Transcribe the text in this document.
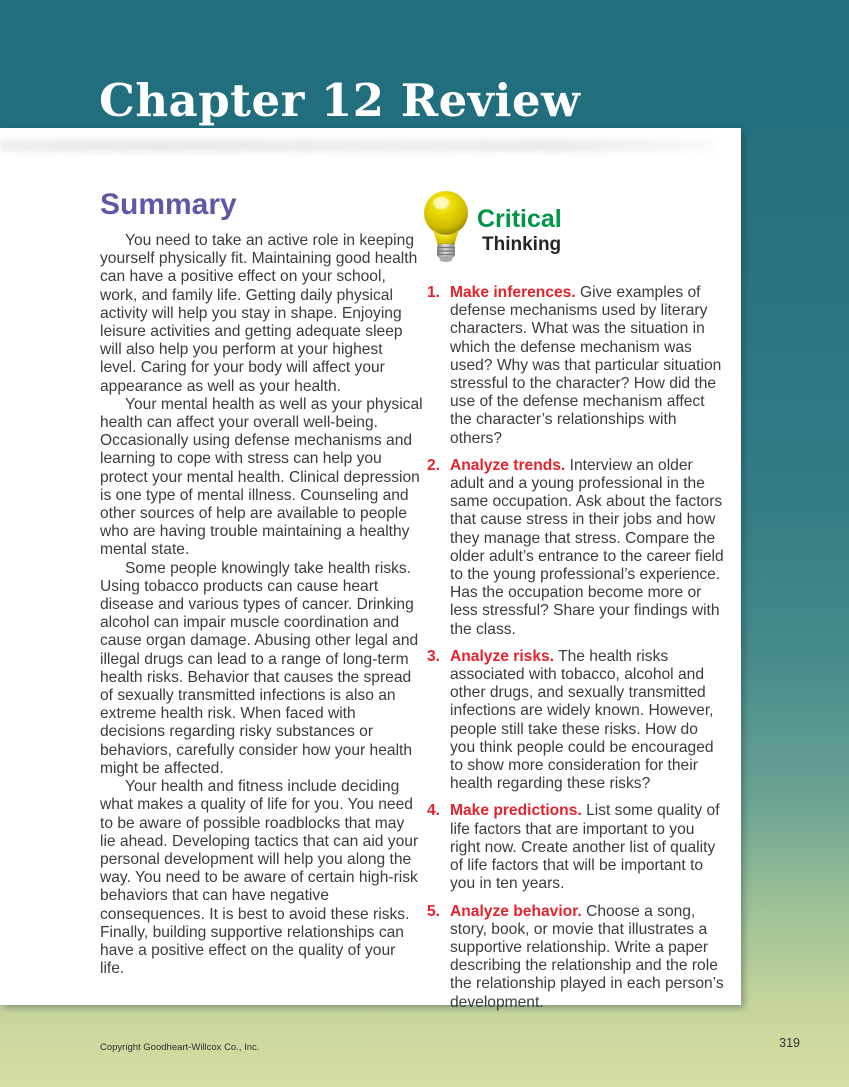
Chapter 12 Review
Summary

You need to take an active role in keeping yourself physically fit. Maintaining good health can have a positive effect on your school, work, and family life. Getting daily physical activity will help you stay in shape. Enjoying leisure activities and getting adequate sleep will also help you perform at your highest level. Caring for your body will affect your appearance as well as your health.

Your mental health as well as your physical health can affect your overall well-being. Occasionally using defense mechanisms and learning to cope with stress can help you protect your mental health. Clinical depression is one type of mental illness. Counseling and other sources of help are available to people who are having trouble maintaining a healthy mental state.

Some people knowingly take health risks. Using tobacco products can cause heart disease and various types of cancer. Drinking alcohol can impair muscle coordination and cause organ damage. Abusing other legal and illegal drugs can lead to a range of long-term health risks. Behavior that causes the spread of sexually transmitted infections is also an extreme health risk. When faced with decisions regarding risky substances or behaviors, carefully consider how your health might be affected.

Your health and fitness include deciding what makes a quality of life for you. You need to be aware of possible roadblocks that may lie ahead. Developing tactics that can aid your personal development will help you along the way. You need to be aware of certain high-risk behaviors that can have negative consequences. It is best to avoid these risks. Finally, building supportive relationships can have a positive effect on the quality of your life.

Critical
Thinking
1. Make inferences. Give examples of defense mechanisms used by literary characters. What was the situation in which the defense mechanism was used? Why was that particular situation stressful to the character? How did the use of the defense mechanism affect the character’s relationships with others?
2. Analyze trends. Interview an older adult and a young professional in the same occupation. Ask about the factors that cause stress in their jobs and how they manage that stress. Compare the older adult’s entrance to the career field to the young professional’s experience. Has the occupation become more or less stressful? Share your findings with the class.
3. Analyze risks. The health risks associated with tobacco, alcohol and other drugs, and sexually transmitted infections are widely known. However, people still take these risks. How do you think people could be encouraged to show more consideration for their health regarding these risks?
4. Make predictions. List some quality of life factors that are important to you right now. Create another list of quality of life factors that will be important to you in ten years.
5. Analyze behavior. Choose a song, story, book, or movie that illustrates a supportive relationship. Write a paper describing the relationship and the role the relationship played in each person’s development.
Copyright Goodheart-Willcox Co., Inc.	319
